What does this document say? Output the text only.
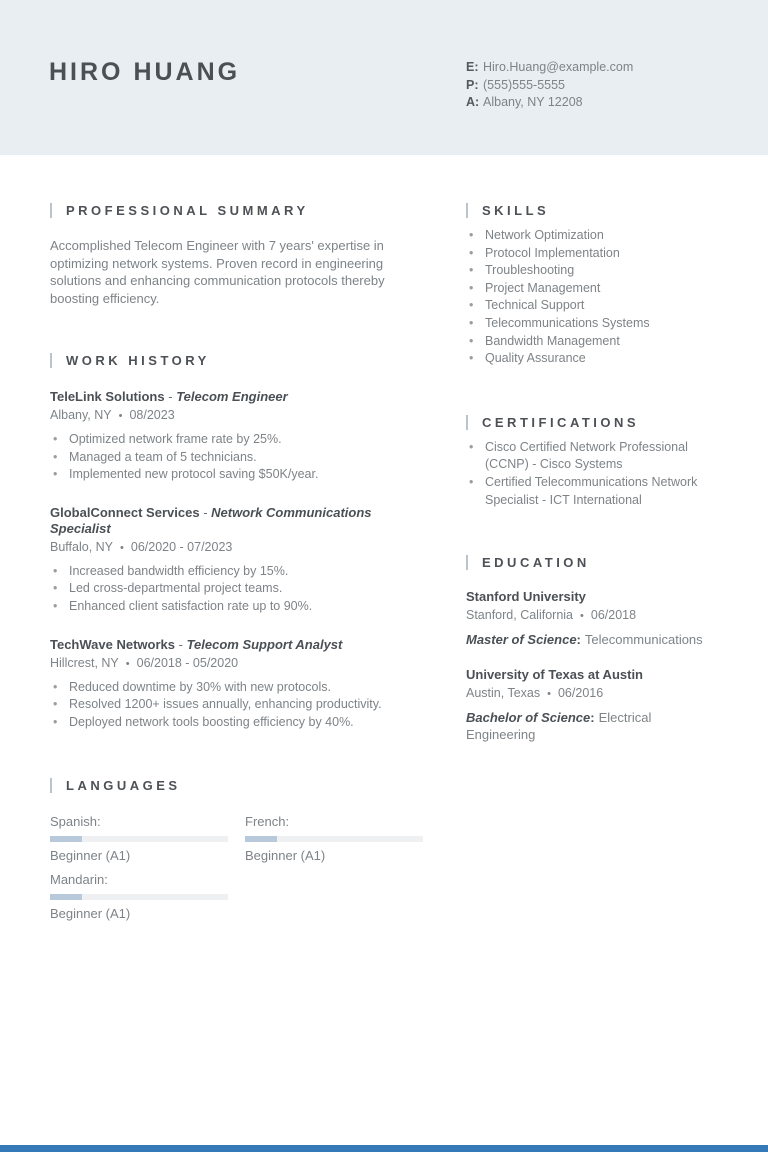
HIRO HUANG	E: Hiro.Huang@example.com
P: (555)555-5555
A: Albany, NY 12208
PROFESSIONAL SUMMARY

Accomplished Telecom Engineer with 7 years' expertise in optimizing network systems. Proven record in engineering solutions and enhancing communication protocols thereby boosting efficiency.

WORK HISTORY
TeleLink Solutions - Telecom Engineer
Albany, NY • 08/2023
• Optimized network frame rate by 25%.
• Managed a team of 5 technicians.
• Implemented new protocol saving $50K/year.
GlobalConnect Services - Network Communications Specialist
Buffalo, NY • 06/2020 - 07/2023
• Increased bandwidth efficiency by 15%.
• Led cross-departmental project teams.
• Enhanced client satisfaction rate up to 90%.
TechWave Networks - Telecom Support Analyst
Hillcrest, NY • 06/2018 - 05/2020
• Reduced downtime by 30% with new protocols.
• Resolved 1200+ issues annually, enhancing productivity.
• Deployed network tools boosting efficiency by 40%.
LANGUAGES
Spanish:
Beginner (A1)
French:
Beginner (A1)
Mandarin:
Beginner (A1)
SKILLS
• Network Optimization
• Protocol Implementation
• Troubleshooting
• Project Management
• Technical Support
• Telecommunications Systems
• Bandwidth Management
• Quality Assurance
CERTIFICATIONS
• Cisco Certified Network Professional (CCNP) - Cisco Systems
• Certified Telecommunications Network Specialist - ICT International
EDUCATION
Stanford University
Stanford, California • 06/2018
Master of Science: Telecommunications
University of Texas at Austin
Austin, Texas • 06/2016
Bachelor of Science: Electrical Engineering
